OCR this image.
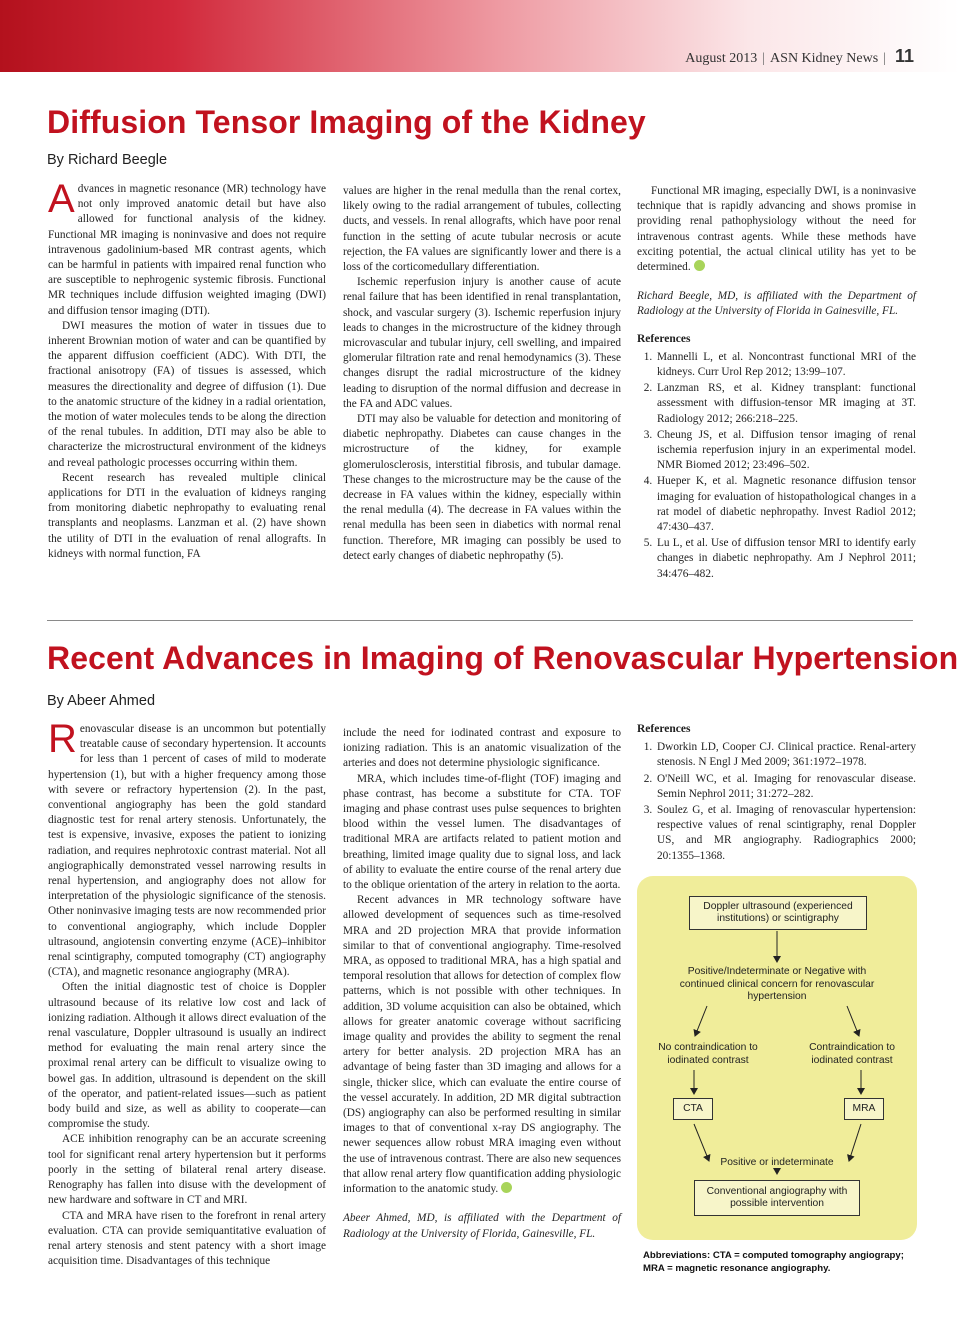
August 2013 | ASN Kidney News | 11
Diffusion Tensor Imaging of the Kidney
By Richard Beegle

Advances in magnetic resonance (MR) technology have not only improved anatomic detail but have also allowed for functional analysis of the kidney. Functional MR imaging is noninvasive and does not require intravenous gadolinium-based MR contrast agents, which can be harmful in patients with impaired renal function who are susceptible to nephrogenic systemic fibrosis. Functional MR techniques include diffusion weighted imaging (DWI) and diffusion tensor imaging (DTI).

DWI measures the motion of water in tissues due to inherent Brownian motion of water and can be quantified by the apparent diffusion coefficient (ADC). With DTI, the fractional anisotropy (FA) of tissues is assessed, which measures the directionality and degree of diffusion (1). Due to the anatomic structure of the kidney in a radial orientation, the motion of water molecules tends to be along the direction of the renal tubules. In addition, DTI may also be able to characterize the microstructural environment of the kidneys and reveal pathologic processes occurring within them.

Recent research has revealed multiple clinical applications for DTI in the evaluation of kidneys ranging from monitoring diabetic nephropathy to evaluating renal transplants and neoplasms. Lanzman et al. (2) have shown the utility of DTI in the evaluation of renal allografts. In kidneys with normal function, FA

values are higher in the renal medulla than the renal cortex, likely owing to the radial arrangement of tubules, collecting ducts, and vessels. In renal allografts, which have poor renal function in the setting of acute tubular necrosis or acute rejection, the FA values are significantly lower and there is a loss of the corticomedullary differentiation.

Ischemic reperfusion injury is another cause of acute renal failure that has been identified in renal transplantation, shock, and vascular surgery (3). Ischemic reperfusion injury leads to changes in the microstructure of the kidney through microvascular and tubular injury, cell swelling, and impaired glomerular filtration rate and renal hemodynamics (3). These changes disrupt the radial microstructure of the kidney leading to disruption of the normal diffusion and decrease in the FA and ADC values.

DTI may also be valuable for detection and monitoring of diabetic nephropathy. Diabetes can cause changes in the microstructure of the kidney, for example glomerulosclerosis, interstitial fibrosis, and tubular damage. These changes to the microstructure may be the cause of the decrease in FA values within the kidney, especially within the renal medulla (4). The decrease in FA values within the renal medulla has been seen in diabetics with normal renal function. Therefore, MR imaging can possibly be used to detect early changes of diabetic nephropathy (5).

Functional MR imaging, especially DWI, is a noninvasive technique that is rapidly advancing and shows promise in providing renal pathophysiology without the need for intravenous contrast agents. While these methods have exciting potential, the actual clinical utility has yet to be determined.

Richard Beegle, MD, is affiliated with the Department of Radiology at the University of Florida in Gainesville, FL.

References
1. Mannelli L, et al. Noncontrast functional MRI of the kidneys. Curr Urol Rep 2012; 13:99–107.
2. Lanzman RS, et al. Kidney transplant: functional assessment with diffusion-tensor MR imaging at 3T. Radiology 2012; 266:218–225.
3. Cheung JS, et al. Diffusion tensor imaging of renal ischemia reperfusion injury in an experimental model. NMR Biomed 2012; 23:496–502.
4. Hueper K, et al. Magnetic resonance diffusion tensor imaging for evaluation of histopathological changes in a rat model of diabetic nephropathy. Invest Radiol 2012; 47:430–437.
5. Lu L, et al. Use of diffusion tensor MRI to identify early changes in diabetic nephropathy. Am J Nephrol 2011; 34:476–482.
Recent Advances in Imaging of Renovascular Hypertension
By Abeer Ahmed

Renovascular disease is an uncommon but potentially treatable cause of secondary hypertension. It accounts for less than 1 percent of cases of mild to moderate hypertension (1), but with a higher frequency among those with severe or refractory hypertension (2). In the past, conventional angiography has been the gold standard diagnostic test for renal artery stenosis. Unfortunately, the test is expensive, invasive, exposes the patient to ionizing radiation, and requires nephrotoxic contrast material. Not all angiographically demonstrated vessel narrowing results in renal hypertension, and angiography does not allow for interpretation of the physiologic significance of the stenosis. Other noninvasive imaging tests are now recommended prior to conventional angiography, which include Doppler ultrasound, angiotensin converting enzyme (ACE)–inhibitor renal scintigraphy, computed tomography (CT) angiography (CTA), and magnetic resonance angiography (MRA).

Often the initial diagnostic test of choice is Doppler ultrasound because of its relative low cost and lack of ionizing radiation. Although it allows direct evaluation of the renal vasculature, Doppler ultrasound is usually an indirect method for evaluating the main renal artery since the proximal renal artery can be difficult to visualize owing to bowel gas. In addition, ultrasound is dependent on the skill of the operator, and patient-related issues—such as patient body build and size, as well as ability to cooperate—can compromise the study.

ACE inhibition renography can be an accurate screening tool for significant renal artery hypertension but it performs poorly in the setting of bilateral renal artery disease. Renography has fallen into disuse with the development of new hardware and software in CT and MRI.

CTA and MRA have risen to the forefront in renal artery evaluation. CTA can provide semiquantitative evaluation of renal artery stenosis and stent patency with a short image acquisition time. Disadvantages of this technique

include the need for iodinated contrast and exposure to ionizing radiation. This is an anatomic visualization of the arteries and does not determine physiologic significance.

MRA, which includes time-of-flight (TOF) imaging and phase contrast, has become a substitute for CTA. TOF imaging and phase contrast uses pulse sequences to brighten blood within the vessel lumen. The disadvantages of traditional MRA are artifacts related to patient motion and breathing, limited image quality due to signal loss, and lack of ability to evaluate the entire course of the renal artery due to the oblique orientation of the artery in relation to the aorta.

Recent advances in MR technology software have allowed development of sequences such as time-resolved MRA and 2D projection MRA that provide information similar to that of conventional angiography. Time-resolved MRA, as opposed to traditional MRA, has a high spatial and temporal resolution that allows for detection of complex flow patterns, which is not possible with other techniques. In addition, 3D volume acquisition can also be obtained, which allows for greater anatomic coverage without sacrificing image quality and provides the ability to segment the renal artery for better analysis. 2D projection MRA has an advantage of being faster than 3D imaging and allows for a single, thicker slice, which can evaluate the entire course of the vessel accurately. In addition, 2D MR digital subtraction (DS) angiography can also be performed resulting in similar images to that of conventional x-ray DS angiography. The newer sequences allow robust MRA imaging even without the use of intravenous contrast. There are also new sequences that allow renal artery flow quantification adding physiologic information to the anatomic study.

Abeer Ahmed, MD, is affiliated with the Department of Radiology at the University of Florida, Gainesville, FL.

References
1. Dworkin LD, Cooper CJ. Clinical practice. Renal-artery stenosis. N Engl J Med 2009; 361:1972–1978.
2. O'Neill WC, et al. Imaging for renovascular disease. Semin Nephrol 2011; 31:272–282.
3. Soulez G, et al. Imaging of renovascular hypertension: respective values of renal scintigraphy, renal Doppler US, and MR angiography. Radiographics 2000; 20:1355–1368.
Doppler ultrasound (experienced institutions) or scintigraphy
Positive/Indeterminate or Negative with continued clinical concern for renovascular hypertension
No contraindication to iodinated contrast
Contraindication to iodinated contrast
CTA	MRA
Positive or indeterminate
Conventional angiography with possible intervention
Abbreviations: CTA = computed tomography angiograpy; MRA = magnetic resonance angiography.
